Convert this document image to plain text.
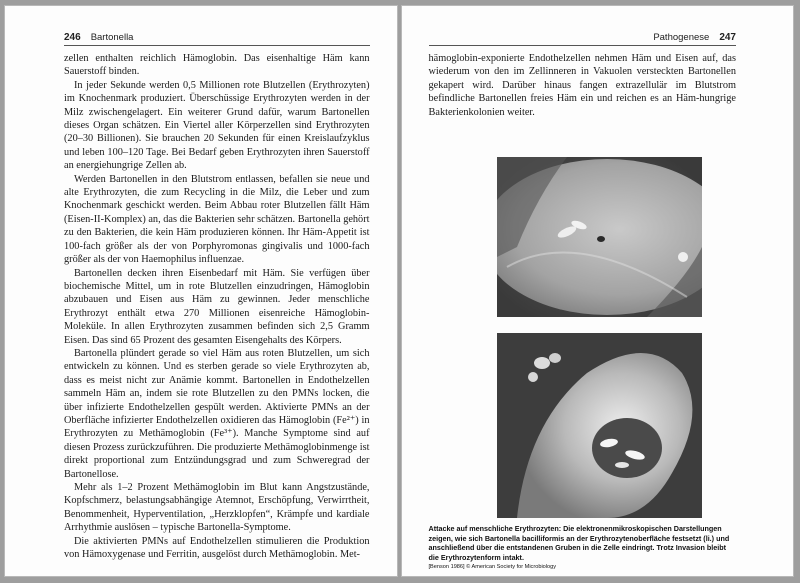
246 Bartonella

zellen enthalten reichlich Hämoglobin. Das eisenhaltige Häm kann Sauerstoff binden.

In jeder Sekunde werden 0,5 Millionen rote Blutzellen (Erythrozyten) im Knochenmark produziert. Überschüssige Erythrozyten werden in der Milz zwischengelagert. Ein weiterer Grund dafür, warum Bartonellen dieses Organ schätzen. Ein Viertel aller Körperzellen sind Erythrozyten (20–30 Billionen). Sie brauchen 20 Sekunden für einen Kreislaufzyklus und leben 100–120 Tage. Bei Bedarf geben Erythrozyten ihren Sauerstoff an energiehungrige Zellen ab.

Werden Bartonellen in den Blutstrom entlassen, befallen sie neue und alte Erythrozyten, die zum Recycling in die Milz, die Leber und zum Knochenmark geschickt werden. Beim Abbau roter Blutzellen fällt Häm (Eisen-II-Komplex) an, das die Bakterien sehr schätzen. Bartonella gehört zu den Bakterien, die kein Häm produzieren können. Ihr Häm-Appetit ist 100-fach größer als der von Porphyromonas gingivalis und 1000-fach größer als der von Haemophilus influenzae.

Bartonellen decken ihren Eisenbedarf mit Häm. Sie verfügen über biochemische Mittel, um in rote Blutzellen einzudringen, Hämoglobin abzubauen und Eisen aus Häm zu gewinnen. Jeder menschliche Erythrozyt enthält etwa 270 Millionen eisenreiche Hämoglobin-Moleküle. In allen Erythrozyten zusammen befinden sich 2,5 Gramm Eisen. Das sind 65 Prozent des gesamten Eisengehalts des Körpers.

Bartonella plündert gerade so viel Häm aus roten Blutzellen, um sich entwickeln zu können. Und es sterben gerade so viele Erythrozyten ab, dass es meist nicht zur Anämie kommt. Bartonellen in Endothelzellen sammeln Häm an, indem sie rote Blutzellen zu den PMNs locken, die über infizierte Endothelzellen gespült werden. Aktivierte PMNs an der Oberfläche infizierter Endothelzellen oxidieren das Hämoglobin (Fe²⁺) in Erythrozyten zu Methämoglobin (Fe³⁺). Manche Symptome sind auf diesen Prozess zurückzuführen. Die produzierte Methämoglobinmenge ist direkt proportional zum Entzündungsgrad und zum Schweregrad der Bartonellose.

Mehr als 1–2 Prozent Methämoglobin im Blut kann Angstzustände, Kopfschmerz, belastungsabhängige Atemnot, Erschöpfung, Verwirrtheit, Benommenheit, Hyperventilation, „Herzklopfen“, Krämpfe und kardiale Arrhythmie auslösen – typische Bartonella-Symptome.

Die aktivierten PMNs auf Endothelzellen stimulieren die Produktion von Hämoxygenase und Ferritin, ausgelöst durch Methämoglobin. Met-

Pathogenese 247

hämoglobin-exponierte Endothelzellen nehmen Häm und Eisen auf, das wiederum von den im Zellinneren in Vakuolen versteckten Bartonellen gekapert wird. Darüber hinaus fangen extrazellulär im Blutstrom befindliche Bartonellen freies Häm ein und reichen es an Häm-hungrige Bakterienkolonien weiter.

Attacke auf menschliche Erythrozyten: Die elektronenmikroskopischen Darstellungen zeigen, wie sich Bartonella bacilliformis an der Erythrozytenoberfläche festsetzt (li.) und anschließend über die entstandenen Gruben in die Zelle eindringt. Trotz Invasion bleibt die Erythrozytenform intakt.
[Benson 1986] © American Society for Microbiology
